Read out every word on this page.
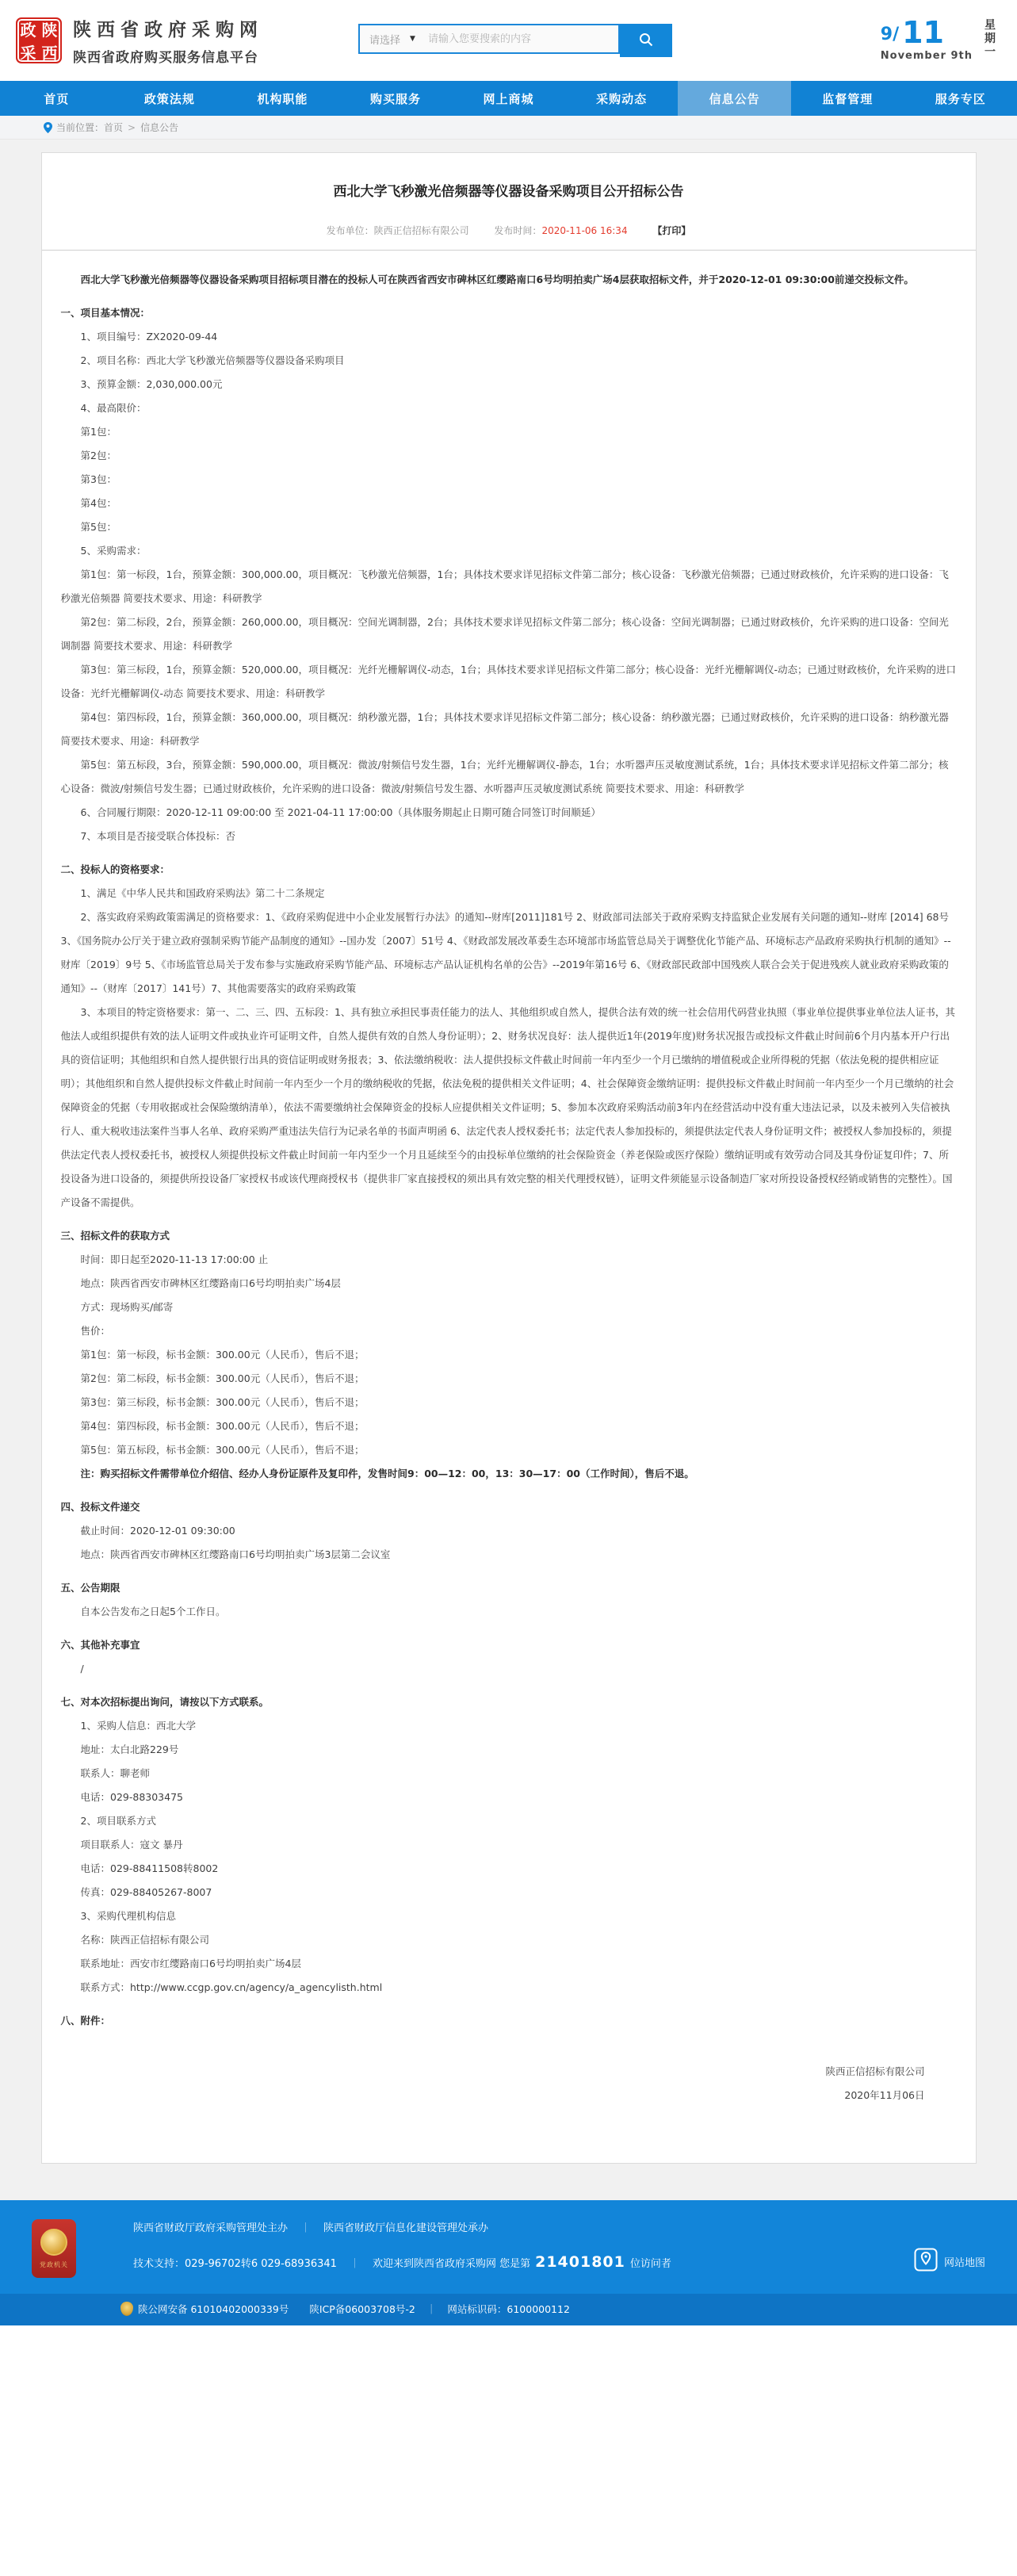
政 陕
采 西
陕西省政府采购网
陕西省政府购买服务信息平台
请选择 ▼
请输入您要搜索的内容	9/ 11
November 9th
星期一
首页	政策法规	机构职能	购买服务	网上商城	采购动态	信息公告	监督管理	服务专区
当前位置： 首页 > 信息公告
西北大学飞秒激光倍频器等仪器设备采购项目公开招标公告
发布单位：陕西正信招标有限公司	发布时间：2020-11-06 16:34	【打印】
西北大学飞秒激光倍频器等仪器设备采购项目招标项目潜在的投标人可在陕西省西安市碑林区红缨路南口6号均明拍卖广场4层获取招标文件，并于2020-12-01 09:30:00前递交投标文件。
一、项目基本情况：
1、项目编号：ZX2020-09-44
2、项目名称：西北大学飞秒激光倍频器等仪器设备采购项目
3、预算金额：2,030,000.00元
4、最高限价：
第1包：
第2包：
第3包：
第4包：
第5包：
5、采购需求：
第1包：第一标段，1台，预算金额：300,000.00，项目概况：飞秒激光倍频器，1台；具体技术要求详见招标文件第二部分；核心设备：飞秒激光倍频器；已通过财政核价，允许采购的进口设备：飞秒激光倍频器 简要技术要求、用途：科研教学
第2包：第二标段，2台，预算金额：260,000.00，项目概况：空间光调制器，2台；具体技术要求详见招标文件第二部分；核心设备：空间光调制器；已通过财政核价，允许采购的进口设备：空间光调制器 简要技术要求、用途：科研教学
第3包：第三标段，1台，预算金额：520,000.00，项目概况：光纤光栅解调仪-动态，1台；具体技术要求详见招标文件第二部分；核心设备：光纤光栅解调仪-动态；已通过财政核价，允许采购的进口设备：光纤光栅解调仪-动态 简要技术要求、用途：科研教学
第4包：第四标段，1台，预算金额：360,000.00，项目概况：纳秒激光器，1台；具体技术要求详见招标文件第二部分；核心设备：纳秒激光器；已通过财政核价，允许采购的进口设备：纳秒激光器 简要技术要求、用途：科研教学
第5包：第五标段，3台，预算金额：590,000.00，项目概况：微波/射频信号发生器，1台；光纤光栅解调仪-静态，1台；水听器声压灵敏度测试系统，1台；具体技术要求详见招标文件第二部分；核心设备：微波/射频信号发生器；已通过财政核价，允许采购的进口设备：微波/射频信号发生器、水听器声压灵敏度测试系统 简要技术要求、用途：科研教学
6、合同履行期限：2020-12-11 09:00:00 至 2021-04-11 17:00:00（具体服务期起止日期可随合同签订时间顺延）
7、本项目是否接受联合体投标：否
二、投标人的资格要求：
1、满足《中华人民共和国政府采购法》第二十二条规定
2、落实政府采购政策需满足的资格要求：1、《政府采购促进中小企业发展暂行办法》的通知--财库[2011]181号 2、财政部司法部关于政府采购支持监狱企业发展有关问题的通知--财库 [2014] 68号 3、《国务院办公厅关于建立政府强制采购节能产品制度的通知》--国办发〔2007〕51号 4、《财政部发展改革委生态环境部市场监管总局关于调整优化节能产品、环境标志产品政府采购执行机制的通知》--财库〔2019〕9号 5、《市场监管总局关于发布参与实施政府采购节能产品、环境标志产品认证机构名单的公告》--2019年第16号 6、《财政部民政部中国残疾人联合会关于促进残疾人就业政府采购政策的通知》--（财库〔2017〕141号）7、其他需要落实的政府采购政策
3、本项目的特定资格要求：第一、二、三、四、五标段：1、具有独立承担民事责任能力的法人、其他组织或自然人，提供合法有效的统一社会信用代码营业执照（事业单位提供事业单位法人证书，其他法人或组织提供有效的法人证明文件或执业许可证明文件，自然人提供有效的自然人身份证明）；2、财务状况良好：法人提供近1年(2019年度)财务状况报告或投标文件截止时间前6个月内基本开户行出具的资信证明；其他组织和自然人提供银行出具的资信证明或财务报表；3、依法缴纳税收：法人提供投标文件截止时间前一年内至少一个月已缴纳的增值税或企业所得税的凭据（依法免税的提供相应证明）；其他组织和自然人提供投标文件截止时间前一年内至少一个月的缴纳税收的凭据，依法免税的提供相关文件证明；4、社会保障资金缴纳证明：提供投标文件截止时间前一年内至少一个月已缴纳的社会保障资金的凭据（专用收据或社会保险缴纳清单），依法不需要缴纳社会保障资金的投标人应提供相关文件证明；5、参加本次政府采购活动前3年内在经营活动中没有重大违法记录，以及未被列入失信被执行人、重大税收违法案件当事人名单、政府采购严重违法失信行为记录名单的书面声明函 6、法定代表人授权委托书；法定代表人参加投标的，须提供法定代表人身份证明文件；被授权人参加投标的，须提供法定代表人授权委托书，被授权人须提供投标文件截止时间前一年内至少一个月且延续至今的由投标单位缴纳的社会保险资金（养老保险或医疗保险）缴纳证明或有效劳动合同及其身份证复印件；7、所投设备为进口设备的，须提供所投设备厂家授权书或该代理商授权书（提供非厂家直接授权的须出具有效完整的相关代理授权链），证明文件须能显示设备制造厂家对所投设备授权经销或销售的完整性）。国产设备不需提供。
三、招标文件的获取方式
时间：即日起至2020-11-13 17:00:00 止
地点：陕西省西安市碑林区红缨路南口6号均明拍卖广场4层
方式：现场购买/邮寄
售价：
第1包：第一标段，标书金额：300.00元（人民币），售后不退；
第2包：第二标段，标书金额：300.00元（人民币），售后不退；
第3包：第三标段，标书金额：300.00元（人民币），售后不退；
第4包：第四标段，标书金额：300.00元（人民币），售后不退；
第5包：第五标段，标书金额：300.00元（人民币），售后不退；
注：购买招标文件需带单位介绍信、经办人身份证原件及复印件，发售时间9：00—12：00，13：30—17：00（工作时间），售后不退。
四、投标文件递交
截止时间：2020-12-01 09:30:00
地点：陕西省西安市碑林区红缨路南口6号均明拍卖广场3层第二会议室
五、公告期限
自本公告发布之日起5个工作日。
六、其他补充事宜
/
七、对本次招标提出询问，请按以下方式联系。
1、采购人信息：西北大学
地址：太白北路229号
联系人：聊老师
电话：029-88303475
2、项目联系方式
项目联系人：寇文 暴丹
电话：029-88411508转8002
传真：029-88405267-8007
3、采购代理机构信息
名称：陕西正信招标有限公司
联系地址：西安市红缨路南口6号均明拍卖广场4层
联系方式：http://www.ccgp.gov.cn/agency/a_agencylisth.html
八、附件：
陕西正信招标有限公司
2020年11月06日
党政机关
陕西省财政厅政府采购管理处主办 ｜ 陕西省财政厅信息化建设管理处承办
技术支持：029-96702转6 029-68936341 ｜ 欢迎来到陕西省政府采购网 您是第 21401801 位访问者	网站地图
陕公网安备 61010402000339号 陕ICP备06003708号-2 ｜ 网站标识码：6100000112
